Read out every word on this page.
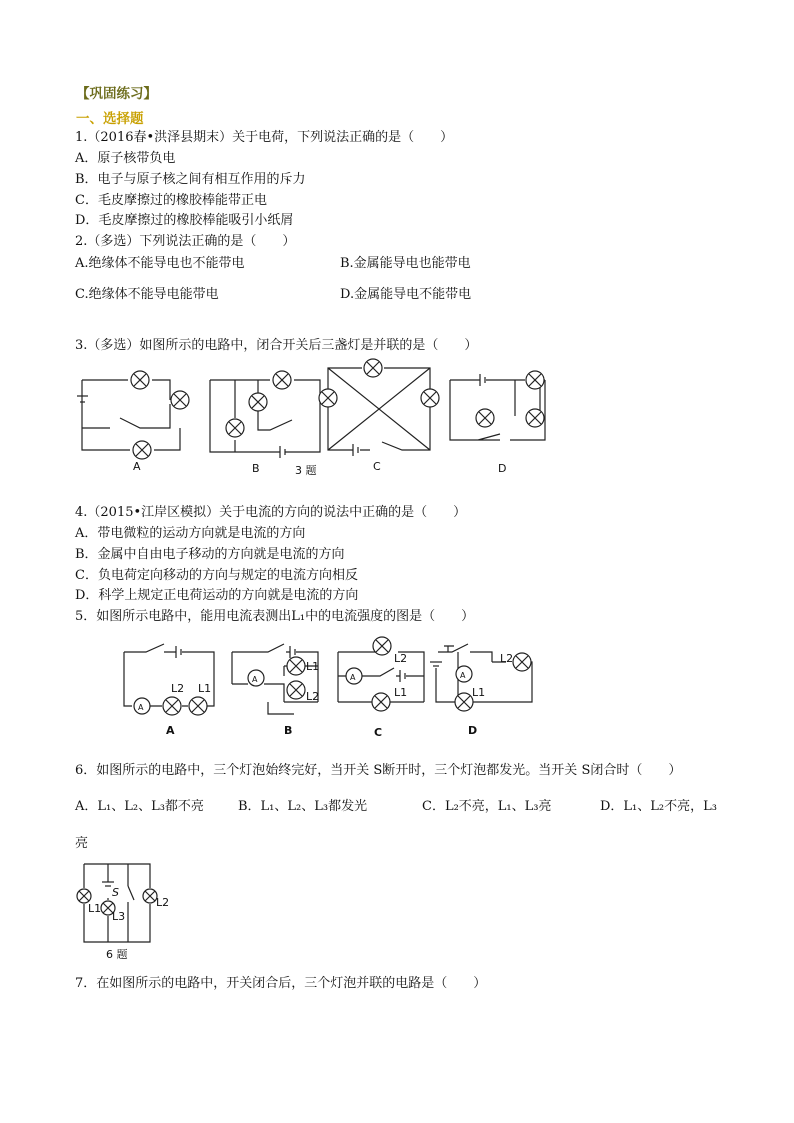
【巩固练习】
一、选择题
1.（2016春•洪泽县期末）关于电荷，下列说法正确的是（　　）
A．原子核带负电
B．电子与原子核之间有相互作用的斥力
C．毛皮摩擦过的橡胶棒能带正电
D．毛皮摩擦过的橡胶棒能吸引小纸屑
2.（多选）下列说法正确的是（　　）
A.绝缘体不能导电也不能带电	B.金属能导电也能带电
C.绝缘体不能导电能带电	D.金属能导电不能带电
3.（多选）如图所示的电路中，闭合开关后三盏灯是并联的是（　　）
A	B	3 题	C	D
4.（2015•江岸区模拟）关于电流的方向的说法中正确的是（　　）
A．带电微粒的运动方向就是电流的方向
B．金属中自由电子移动的方向就是电流的方向
C．负电荷定向移动的方向与规定的电流方向相反
D．科学上规定正电荷运动的方向就是电流的方向
5．如图所示电路中，能用电流表测出L₁中的电流强度的图是（　　）
A
L2 L1
A
A
L1
L2
B
A
L2
L1
C
A
L2
L1
D
6．如图所示的电路中，三个灯泡始终完好，当开关 S断开时，三个灯泡都发光。当开关 S闭合时（　　）
A．L₁、L₂、L₃都不亮	B．L₁、L₂、L₃都发光	C．L₂不亮，L₁、L₃亮	D．L₁、L₂不亮，L₃
亮
S
L1	L2
L3
6 题
7．在如图所示的电路中，开关闭合后，三个灯泡并联的电路是（　　）
